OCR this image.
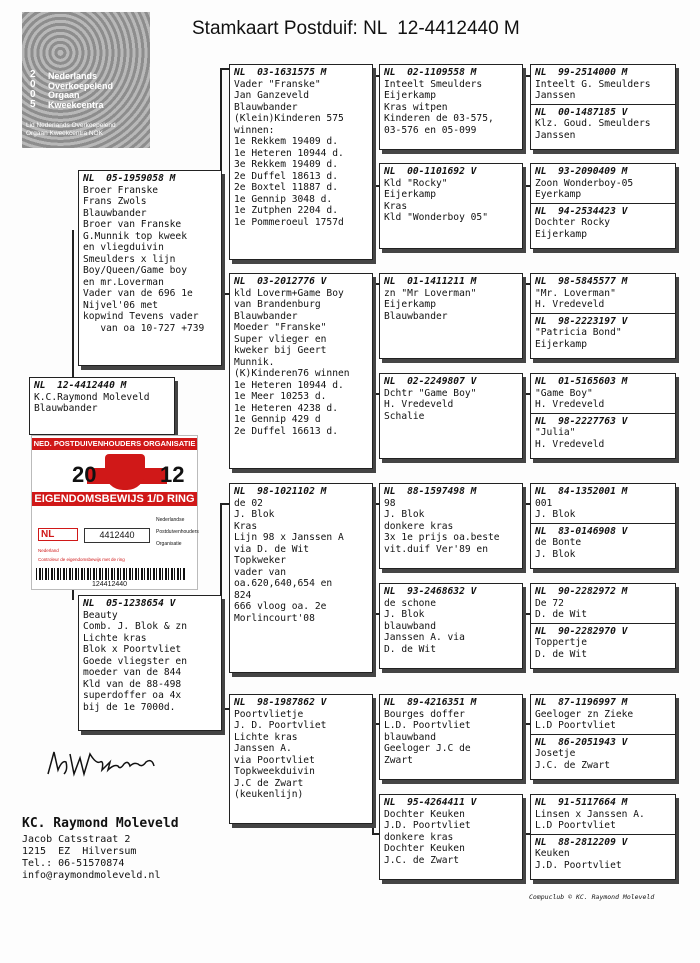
Stamkaart Postduif: NL  12-4412440 M
2
0
0
5
Nederlands
Overkoepelend
Orgaan
Kweekcentra
Lid Nederlands Overkoepelend
Orgaan Kweekcentra NOK
NL  12-4412440 M
K.C.Raymond Moleveld
Blauwbander
NED. POSTDUIVENHOUDERS ORGANISATIE
20	12
EIGENDOMSBEWIJS 1/D RING
Nederlandse
Postduivenhouders
Organisatie
NL	4412440
Nederland
Controleur de eigendomsbewijs met de ring
124412440
NL  05-1959058 M
Broer Franske
Frans Zwols
Blauwbander
Broer van Franske
G.Munnik top kweek
en vliegduivin
Smeulders x lijn
Boy/Queen/Game boy
en mr.Loverman
Vader van de 696 1e
Nijvel'06 met
kopwind Tevens vader
van oa 10-727 +739
NL  05-1238654 V
Beauty
Comb. J. Blok & zn
Lichte kras
Blok x Poortvliet
Goede vliegster en
moeder van de 844
Kld van de 88-498
superdoffer oa 4x
bij de 1e 7000d.
NL  03-1631575 M
Vader "Franske"
Jan Ganzeveld
Blauwbander
(Klein)Kinderen 575
winnen:
1e Rekkem 19409 d.
1e Heteren 10944 d.
3e Rekkem 19409 d.
2e Duffel 18613 d.
2e Boxtel 11887 d.
1e Gennip 3048 d.
1e Zutphen 2204 d.
1e Pommeroeul 1757d
NL  03-2012776 V
kld Loverm+Game Boy
van Brandenburg
Blauwbander
Moeder "Franske"
Super vlieger en
kweker bij Geert
Munnik.
(K)Kinderen76 winnen
1e Heteren 10944 d.
1e Meer 10253 d.
1e Heteren 4238 d.
1e Gennip 429 d
2e Duffel 16613 d.
NL  98-1021102 M
de 02
J. Blok
Kras
Lijn 98 x Janssen A
via D. de Wit
Topkweker
vader van
oa.620,640,654 en
824
666 vloog oa. 2e
Morlincourt'08
NL  98-1987862 V
Poortvlietje
J. D. Poortvliet
Lichte kras
Janssen A.
via Poortvliet
Topkweekduivin
J.C de Zwart
(keukenlijn)
NL  02-1109558 M
Inteelt Smeulders
Eijerkamp
Kras witpen
Kinderen de 03-575,
03-576 en 05-099
NL  00-1101692 V
Kld "Rocky"
Eijerkamp
Kras
Kld "Wonderboy 05"
NL  01-1411211 M
zn "Mr Loverman"
Eijerkamp
Blauwbander
NL  02-2249807 V
Dchtr "Game Boy"
H. Vredeveld
Schalie
NL  88-1597498 M
98
J. Blok
donkere kras
3x 1e prijs oa.beste
vit.duif Ver'89 en
NL  93-2468632 V
de schone
J. Blok
blauwband
Janssen A. via
D. de Wit
NL  89-4216351 M
Bourges doffer
L.D. Poortvliet
blauwband
Geeloger J.C de
Zwart
NL  95-4264411 V
Dochter Keuken
J.D. Poortvliet
donkere kras
Dochter Keuken
J.C. de Zwart
NL  99-2514000 M
Inteelt G. Smeulders
Janssen
NL  00-1487185 V
Klz. Goud. Smeulders
Janssen
NL  93-2090409 M
Zoon Wonderboy-05
Eyerkamp
NL  94-2534423 V
Dochter Rocky
Eijerkamp
NL  98-5845577 M
"Mr. Loverman"
H. Vredeveld
NL  98-2223197 V
"Patricia Bond"
Eijerkamp
NL  01-5165603 M
"Game Boy"
H. Vredeveld
NL  98-2227763 V
"Julia"
H. Vredeveld
NL  84-1352001 M
001
J. Blok
NL  83-0146908 V
de Bonte
J. Blok
NL  90-2282972 M
De 72
D. de Wit
NL  90-2282970 V
Toppertje
D. de Wit
NL  87-1196997 M
Geeloger zn Zieke
L.D Poortvliet
NL  86-2051943 V
Josetje
J.C. de Zwart
NL  91-5117664 M
Linsen x Janssen A.
L.D Poortvliet
NL  88-2812209 V
Keuken
J.D. Poortvliet
KC. Raymond Moleveld
Jacob Catsstraat 2
1215  EZ  Hilversum
Tel.: 06-51570874
info@raymondmoleveld.nl
Compuclub © KC. Raymond Moleveld
